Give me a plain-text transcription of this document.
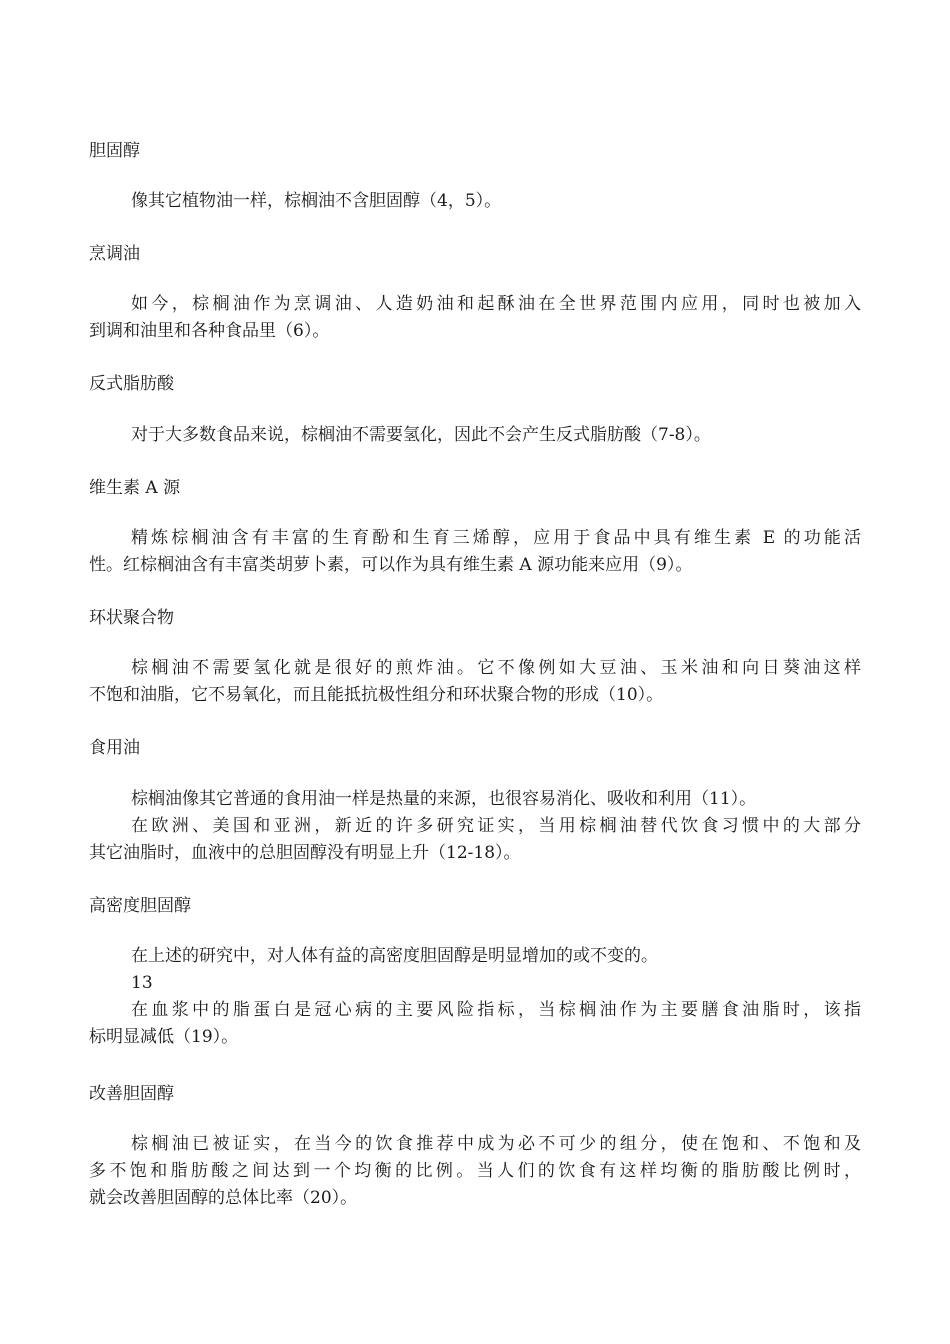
胆固醇
像其它植物油一样，棕榈油不含胆固醇（4，5）。
烹调油
如今，棕榈油作为烹调油、人造奶油和起酥油在全世界范围内应用，同时也被加入
到调和油里和各种食品里（6）。
反式脂肪酸
对于大多数食品来说，棕榈油不需要氢化，因此不会产生反式脂肪酸（7-8）。
维生素 A 源
精炼棕榈油含有丰富的生育酚和生育三烯醇，应用于食品中具有维生素 E 的功能活
性。红棕榈油含有丰富类胡萝卜素，可以作为具有维生素 A 源功能来应用（9）。
环状聚合物
棕榈油不需要氢化就是很好的煎炸油。它不像例如大豆油、玉米油和向日葵油这样
不饱和油脂，它不易氧化，而且能抵抗极性组分和环状聚合物的形成（10）。
食用油
棕榈油像其它普通的食用油一样是热量的来源，也很容易消化、吸收和利用（11）。
在欧洲、美国和亚洲，新近的许多研究证实，当用棕榈油替代饮食习惯中的大部分
其它油脂时，血液中的总胆固醇没有明显上升（12-18）。
高密度胆固醇
在上述的研究中，对人体有益的高密度胆固醇是明显增加的或不变的。
13
在血浆中的脂蛋白是冠心病的主要风险指标，当棕榈油作为主要膳食油脂时，该指
标明显减低（19）。
改善胆固醇
棕榈油已被证实，在当今的饮食推荐中成为必不可少的组分，使在饱和、不饱和及
多不饱和脂肪酸之间达到一个均衡的比例。当人们的饮食有这样均衡的脂肪酸比例时，
就会改善胆固醇的总体比率（20）。
